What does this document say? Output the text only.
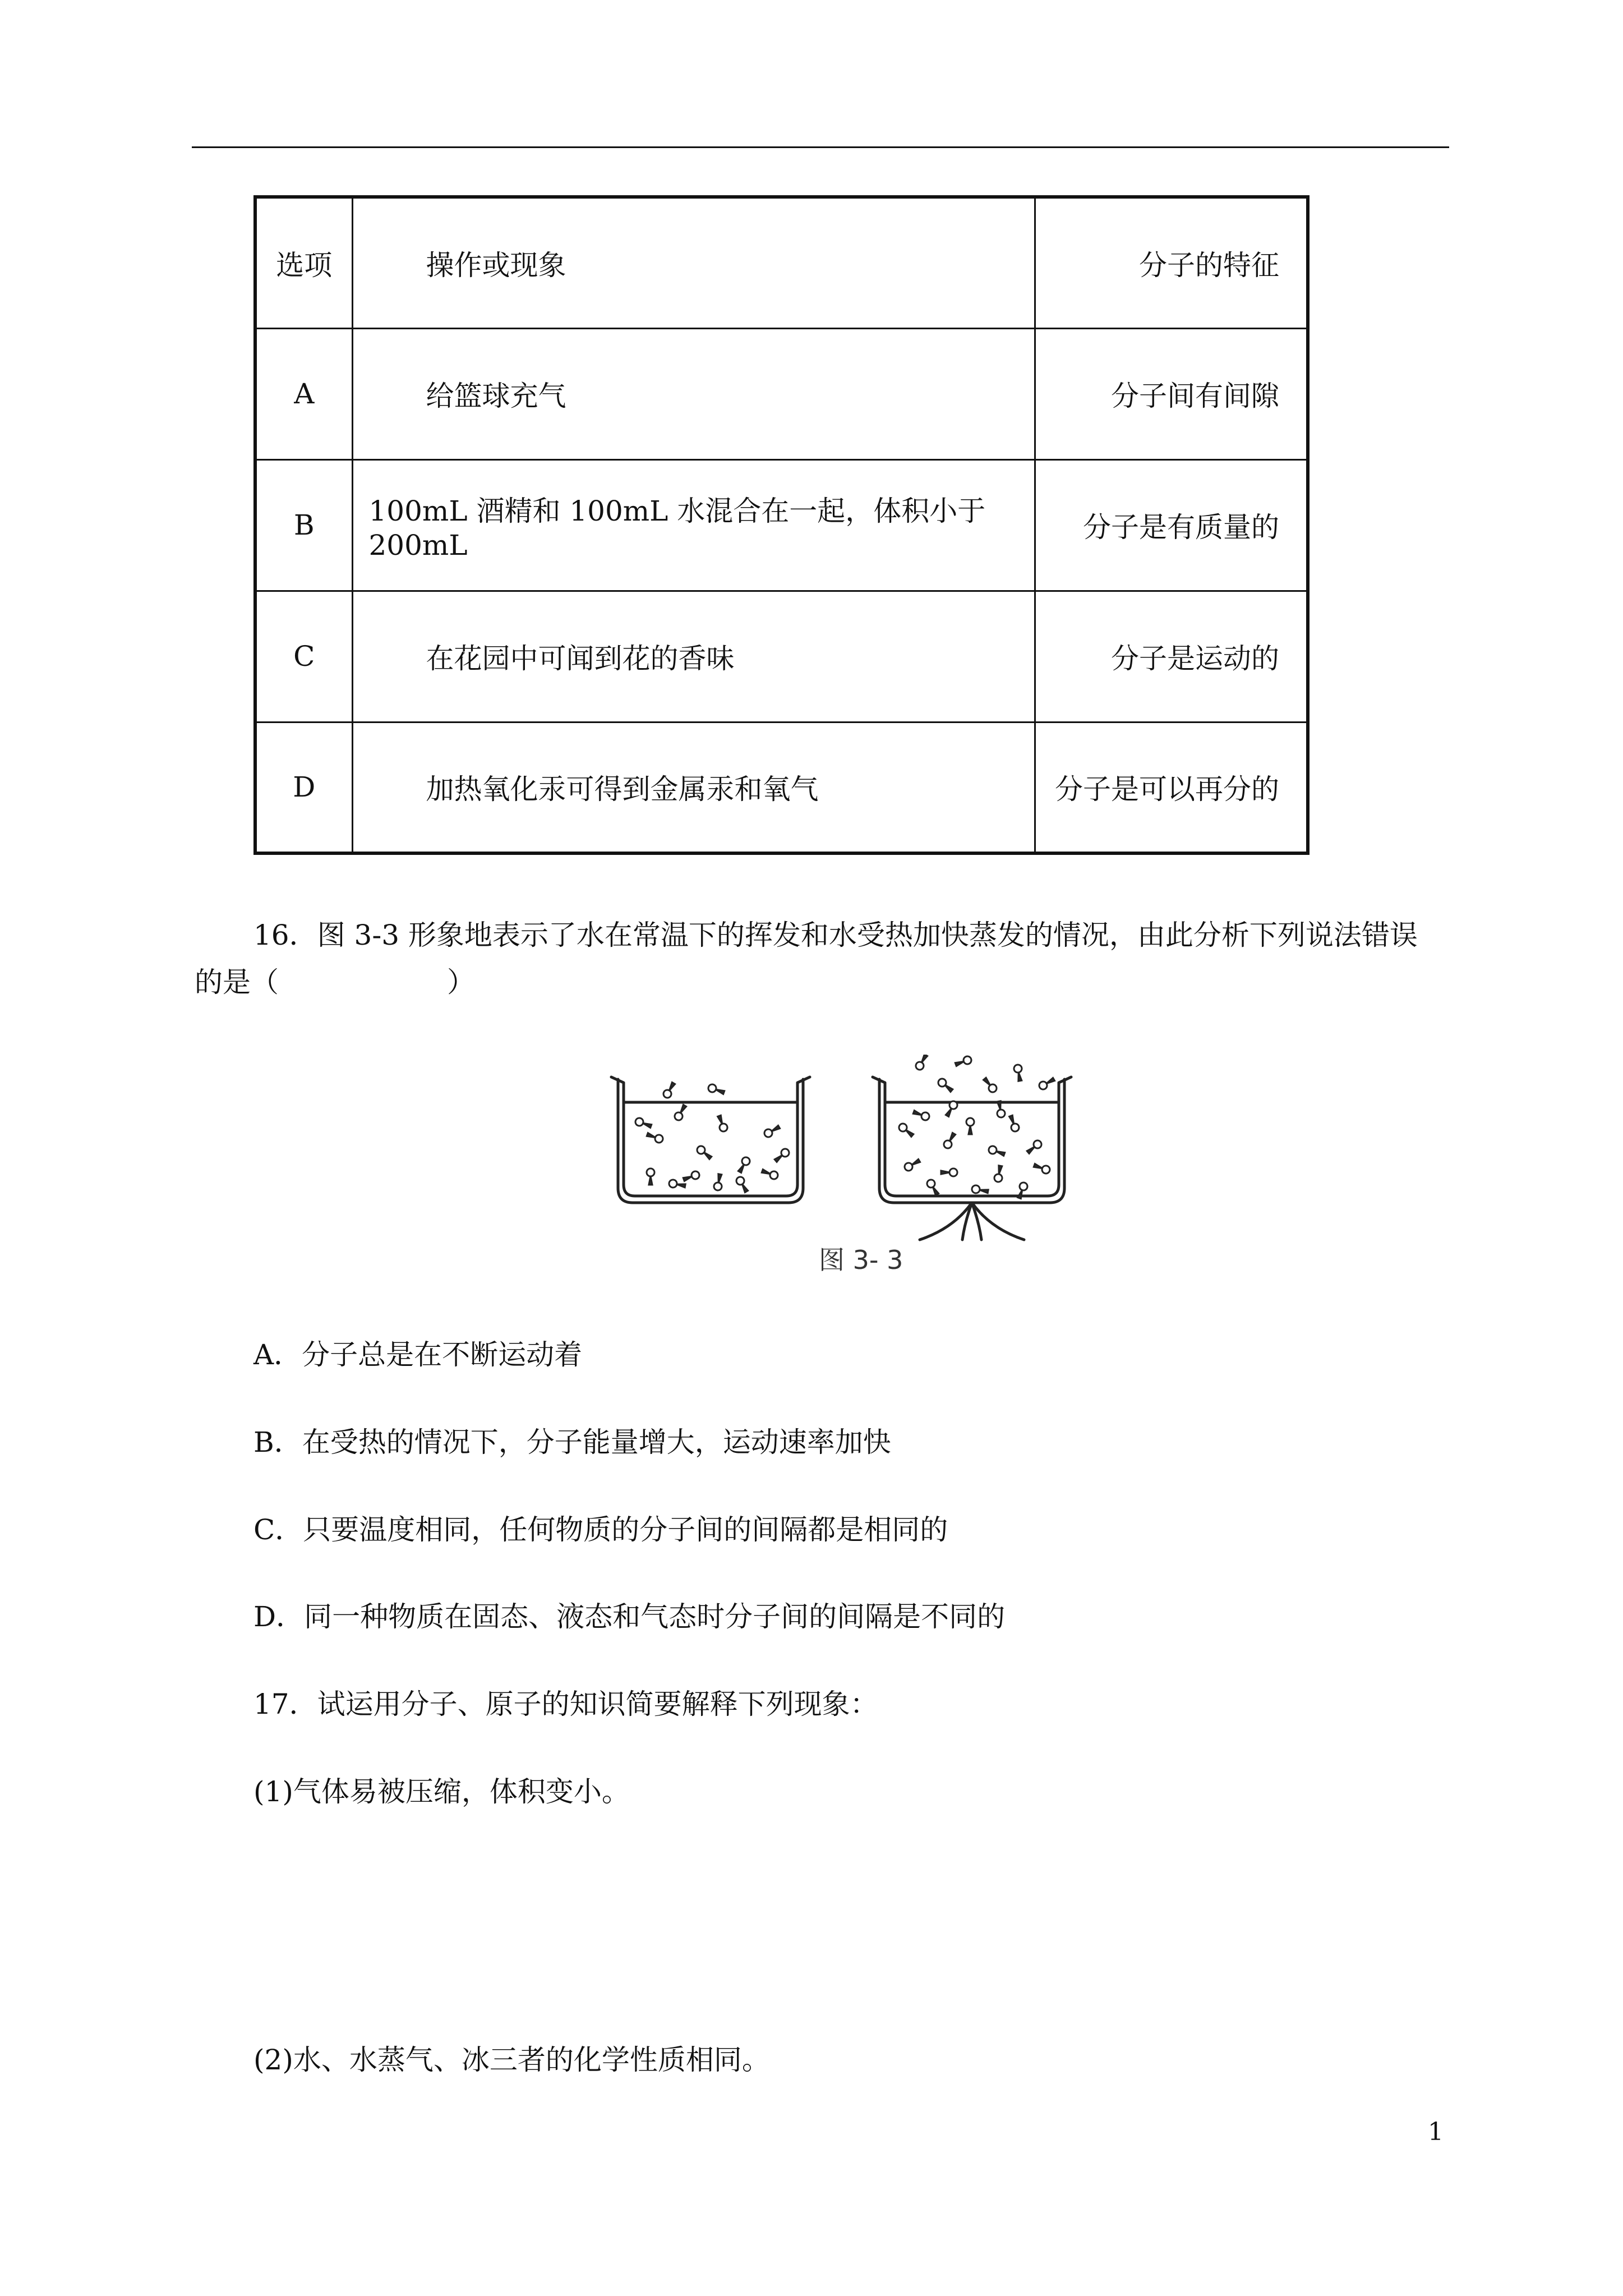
选项	操作或现象	分子的特征
A	给篮球充气	分子间有间隙
B	100mL 酒精和 100mL 水混合在一起，体积小于 200mL	分子是有质量的
C	在花园中可闻到花的香味	分子是运动的
D	加热氧化汞可得到金属汞和氧气	分子是可以再分的
16．图 3-3 形象地表示了水在常温下的挥发和水受热加快蒸发的情况，由此分析下列说法错误
的是（　　　　　　）
图 3- 3
A．分子总是在不断运动着
B．在受热的情况下，分子能量增大，运动速率加快
C．只要温度相同，任何物质的分子间的间隔都是相同的
D．同一种物质在固态、液态和气态时分子间的间隔是不同的
17．试运用分子、原子的知识简要解释下列现象：
(1)气体易被压缩，体积变小。
(2)水、水蒸气、冰三者的化学性质相同。
1
